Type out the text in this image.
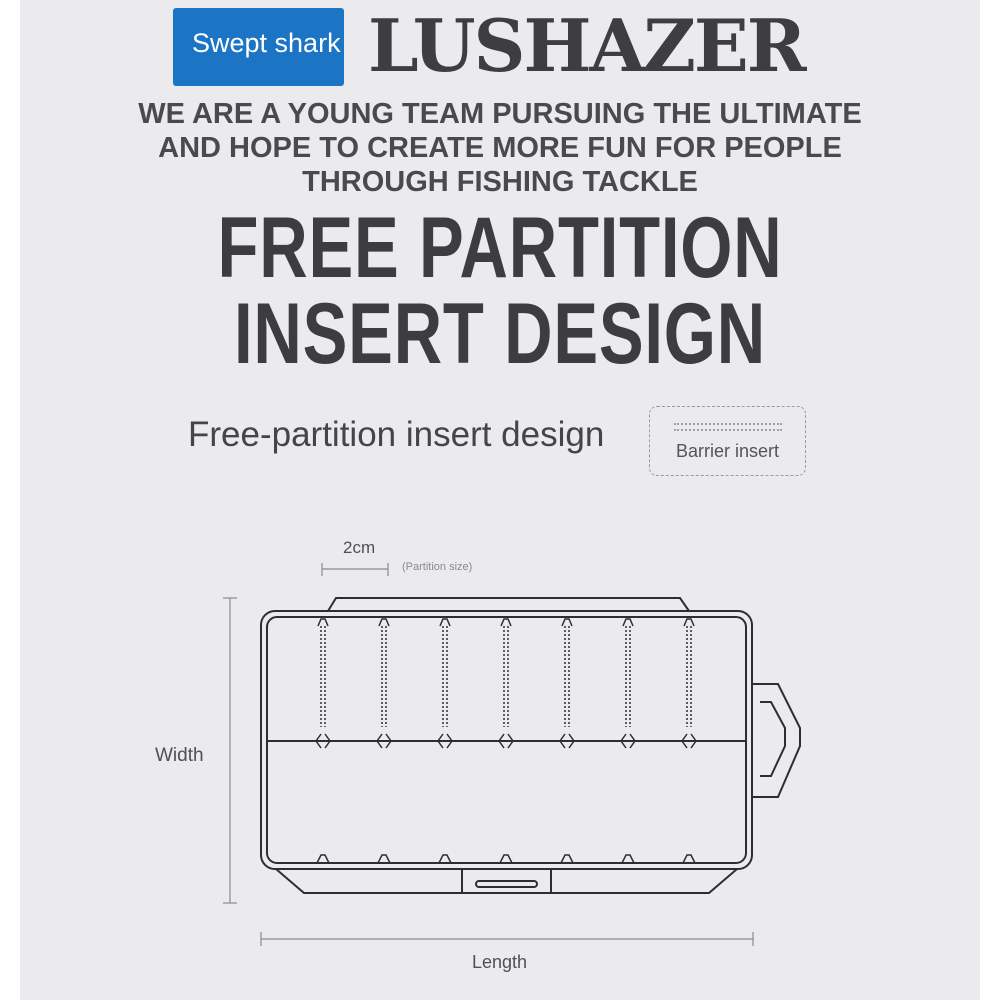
Swept shark LUSHAZER
WE ARE A YOUNG TEAM PURSUING THE ULTIMATE
AND HOPE TO CREATE MORE FUN FOR PEOPLE
THROUGH FISHING TACKLE
FREE PARTITION
INSERT DESIGN
Free-partition insert design	Barrier insert
2cm
(Partition size)
Width
Length
